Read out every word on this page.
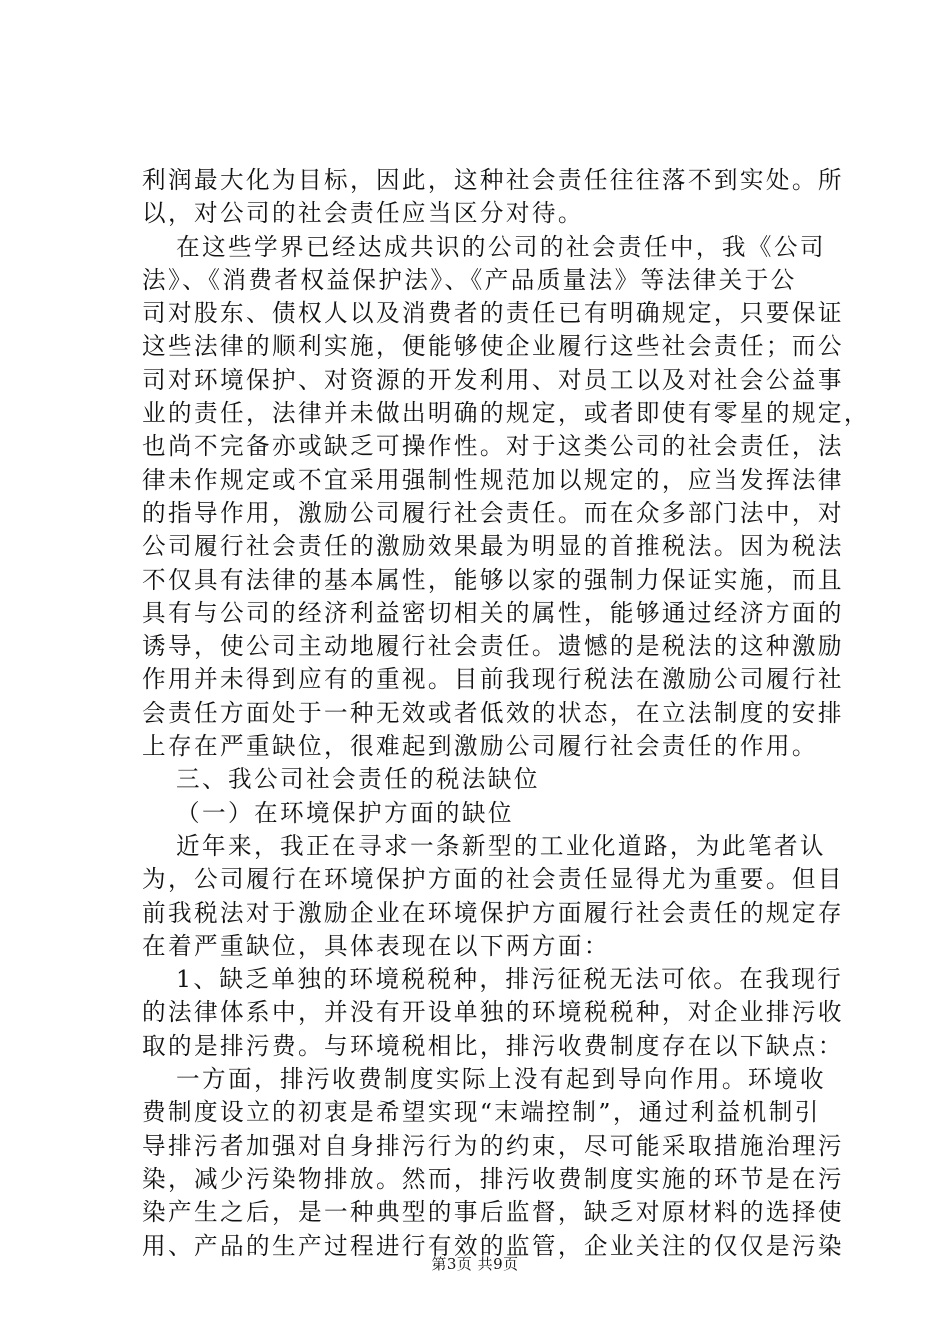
利润最大化为目标，因此，这种社会责任往往落不到实处。所
以，对公司的社会责任应当区分对待。
在这些学界已经达成共识的公司的社会责任中，我《公司
法》、《消费者权益保护法》、《产品质量法》等法律关于公
司对股东、债权人以及消费者的责任已有明确规定，只要保证
这些法律的顺利实施，便能够使企业履行这些社会责任；而公
司对环境保护、对资源的开发利用、对员工以及对社会公益事
业的责任，法律并未做出明确的规定，或者即使有零星的规定，
也尚不完备亦或缺乏可操作性。对于这类公司的社会责任，法
律未作规定或不宜采用强制性规范加以规定的，应当发挥法律
的指导作用，激励公司履行社会责任。而在众多部门法中，对
公司履行社会责任的激励效果最为明显的首推税法。因为税法
不仅具有法律的基本属性，能够以家的强制力保证实施，而且
具有与公司的经济利益密切相关的属性，能够通过经济方面的
诱导，使公司主动地履行社会责任。遗憾的是税法的这种激励
作用并未得到应有的重视。目前我现行税法在激励公司履行社
会责任方面处于一种无效或者低效的状态，在立法制度的安排
上存在严重缺位，很难起到激励公司履行社会责任的作用。
三、我公司社会责任的税法缺位
（一）在环境保护方面的缺位
近年来，我正在寻求一条新型的工业化道路，为此笔者认
为，公司履行在环境保护方面的社会责任显得尤为重要。但目
前我税法对于激励企业在环境保护方面履行社会责任的规定存
在着严重缺位，具体表现在以下两方面：
1、缺乏单独的环境税税种，排污征税无法可依。在我现行
的法律体系中，并没有开设单独的环境税税种，对企业排污收
取的是排污费。与环境税相比，排污收费制度存在以下缺点：
一方面，排污收费制度实际上没有起到导向作用。环境收
费制度设立的初衷是希望实现“末端控制”，通过利益机制引
导排污者加强对自身排污行为的约束，尽可能采取措施治理污
染，减少污染物排放。然而，排污收费制度实施的环节是在污
染产生之后，是一种典型的事后监督，缺乏对原材料的选择使
用、产品的生产过程进行有效的监管，企业关注的仅仅是污染
第3页 共9页
